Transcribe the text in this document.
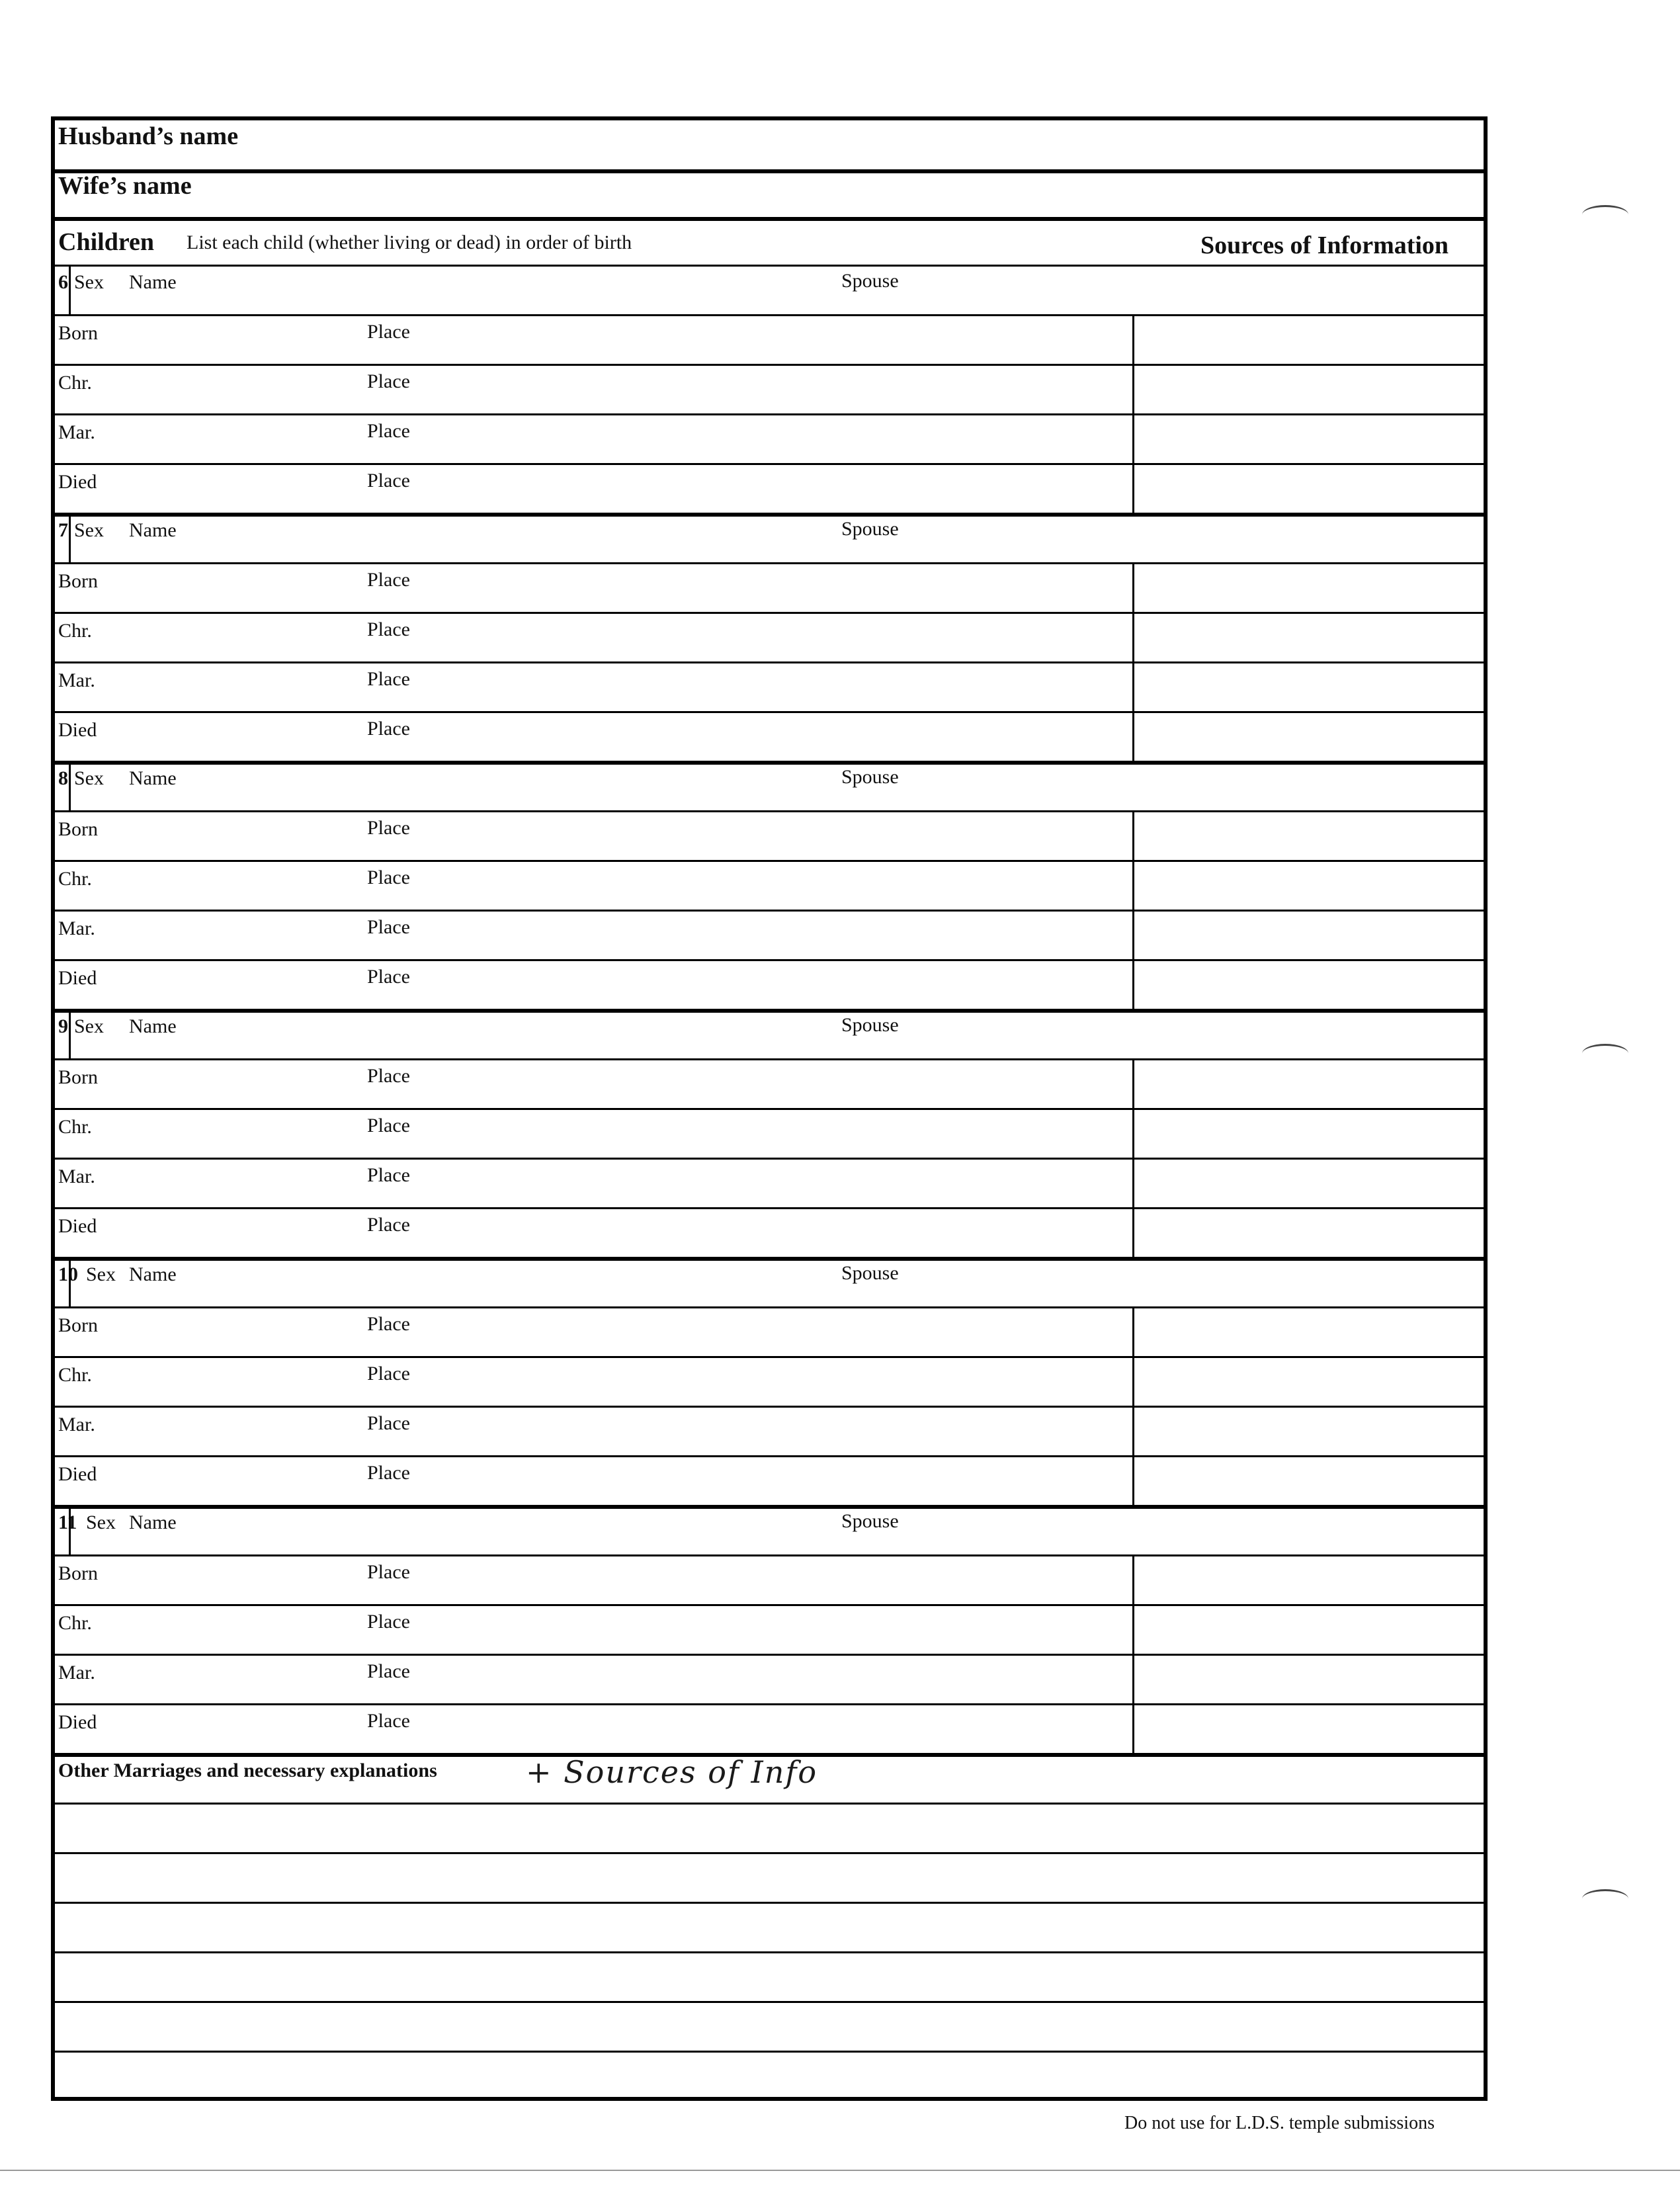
Husband’s name
Wife’s name
Children List each child (whether living or dead) in order of birth	Sources of Information
6 Sex Name	Spouse
Born	Place
Chr.	Place
Mar.	Place
Died	Place
7 Sex Name	Spouse
Born	Place
Chr.	Place
Mar.	Place
Died	Place
8 Sex Name	Spouse
Born	Place
Chr.	Place
Mar.	Place
Died	Place
9 Sex Name	Spouse
Born	Place
Chr.	Place
Mar.	Place
Died	Place
10 Sex Name	Spouse
Born	Place
Chr.	Place
Mar.	Place
Died	Place
11 Sex Name	Spouse
Born	Place
Chr.	Place
Mar.	Place
Died	Place
Other Marriages and necessary explanations	+ Sources of Info
Do not use for L.D.S. temple submissions
